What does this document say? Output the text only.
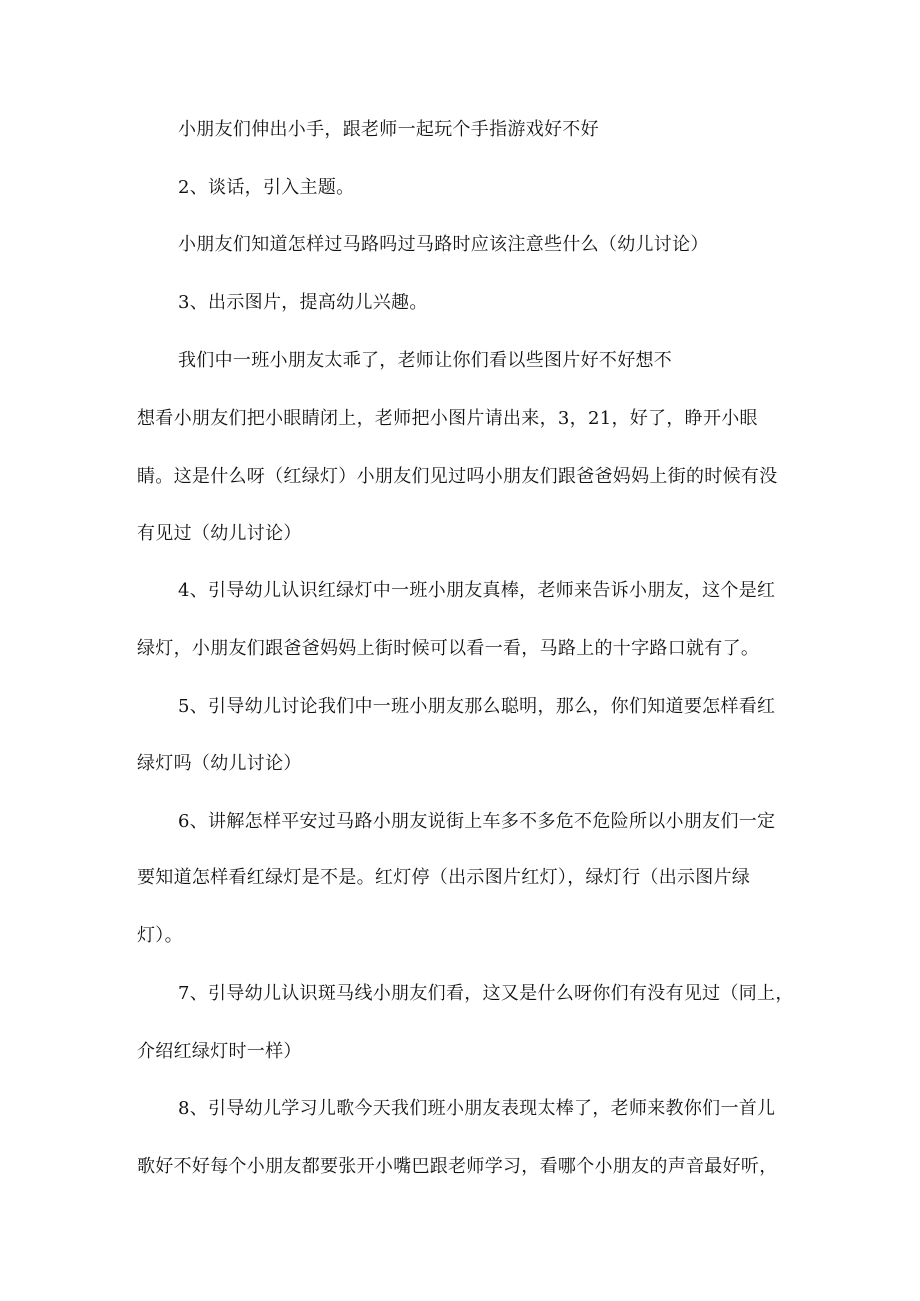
小朋友们伸出小手，跟老师一起玩个手指游戏好不好
2、谈话，引入主题。
小朋友们知道怎样过马路吗过马路时应该注意些什么（幼儿讨论）
3、出示图片，提高幼儿兴趣。
我们中一班小朋友太乖了，老师让你们看以些图片好不好想不
想看小朋友们把小眼睛闭上，老师把小图片请出来，3，21，好了，睁开小眼
睛。这是什么呀（红绿灯）小朋友们见过吗小朋友们跟爸爸妈妈上街的时候有没
有见过（幼儿讨论）
4、引导幼儿认识红绿灯中一班小朋友真棒，老师来告诉小朋友，这个是红
绿灯，小朋友们跟爸爸妈妈上街时候可以看一看，马路上的十字路口就有了。
5、引导幼儿讨论我们中一班小朋友那么聪明，那么，你们知道要怎样看红
绿灯吗（幼儿讨论）
6、讲解怎样平安过马路小朋友说街上车多不多危不危险所以小朋友们一定
要知道怎样看红绿灯是不是。红灯停（出示图片红灯），绿灯行（出示图片绿
灯）。
7、引导幼儿认识斑马线小朋友们看，这又是什么呀你们有没有见过（同上，
介绍红绿灯时一样）
8、引导幼儿学习儿歌今天我们班小朋友表现太棒了，老师来教你们一首儿
歌好不好每个小朋友都要张开小嘴巴跟老师学习，看哪个小朋友的声音最好听，
